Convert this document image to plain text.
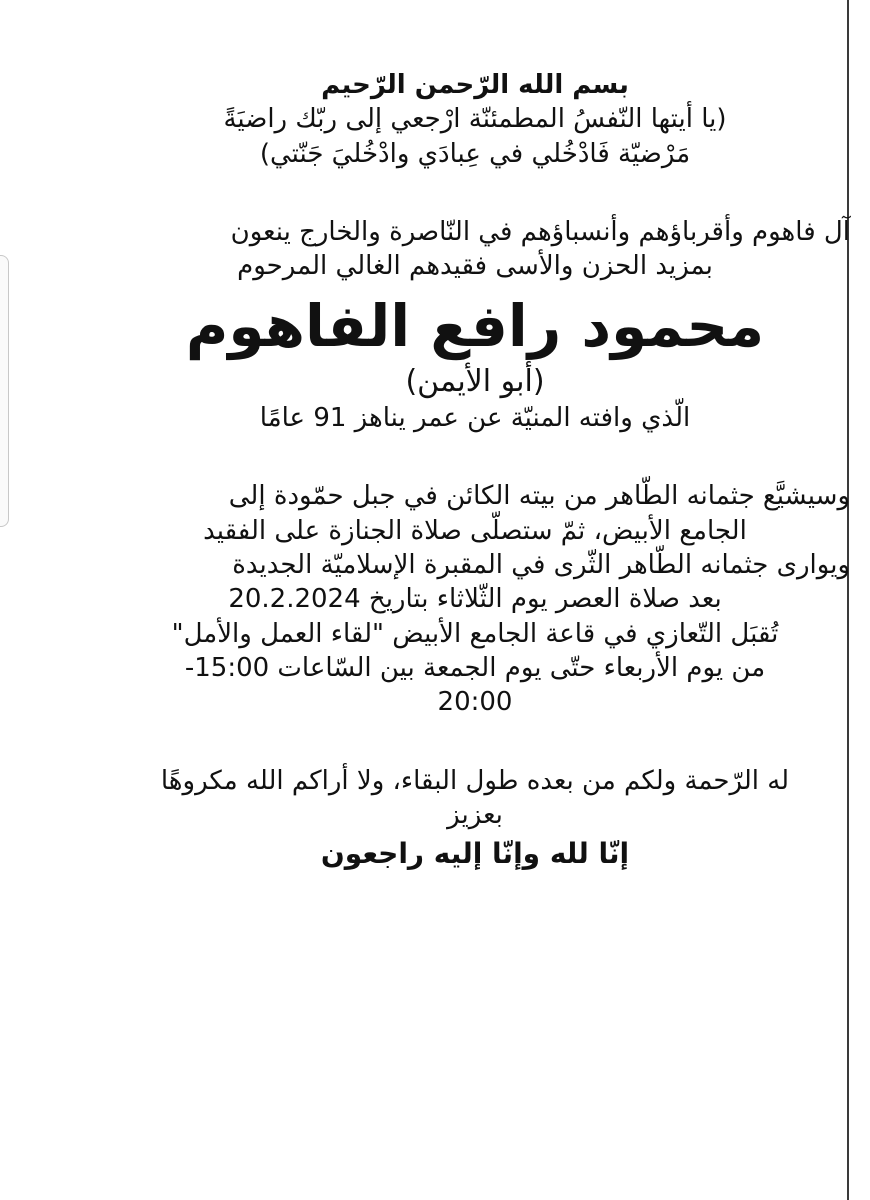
بسم الله الرّحمن الرّحيم
(يا أيتها النّفسُ المطمئنّة ارْجعي إلى ربّك راضيَةً
مَرْضيّة فَادْخُلي في عِبادَي وادْخُليَ جَنّتي)
آل فاهوم وأقرباؤهم وأنسباؤهم في النّاصرة والخارج ينعون
بمزيد الحزن والأسى فقيدهم الغالي المرحوم
محمود رافع الفاهوم
(أبو الأيمن)
الّذي وافته المنيّة عن عمر يناهز 91 عامًا
وسيشيَّع جثمانه الطّاهر من بيته الكائن في جبل حمّودة إلى
الجامع الأبيض، ثمّ ستصلّى صلاة الجنازة على الفقيد
ويوارى جثمانه الطّاهر الثّرى في المقبرة الإسلاميّة الجديدة
بعد صلاة العصر يوم الثّلاثاء بتاريخ 20.2.2024
تُقبَل التّعازي في قاعة الجامع الأبيض "لقاء العمل والأمل"
من يوم الأربعاء حتّى يوم الجمعة بين السّاعات 15:00-
20:00
له الرّحمة ولكم من بعده طول البقاء، ولا أراكم الله مكروهًا
بعزيز
إنّا لله وإنّا إليه راجعون
